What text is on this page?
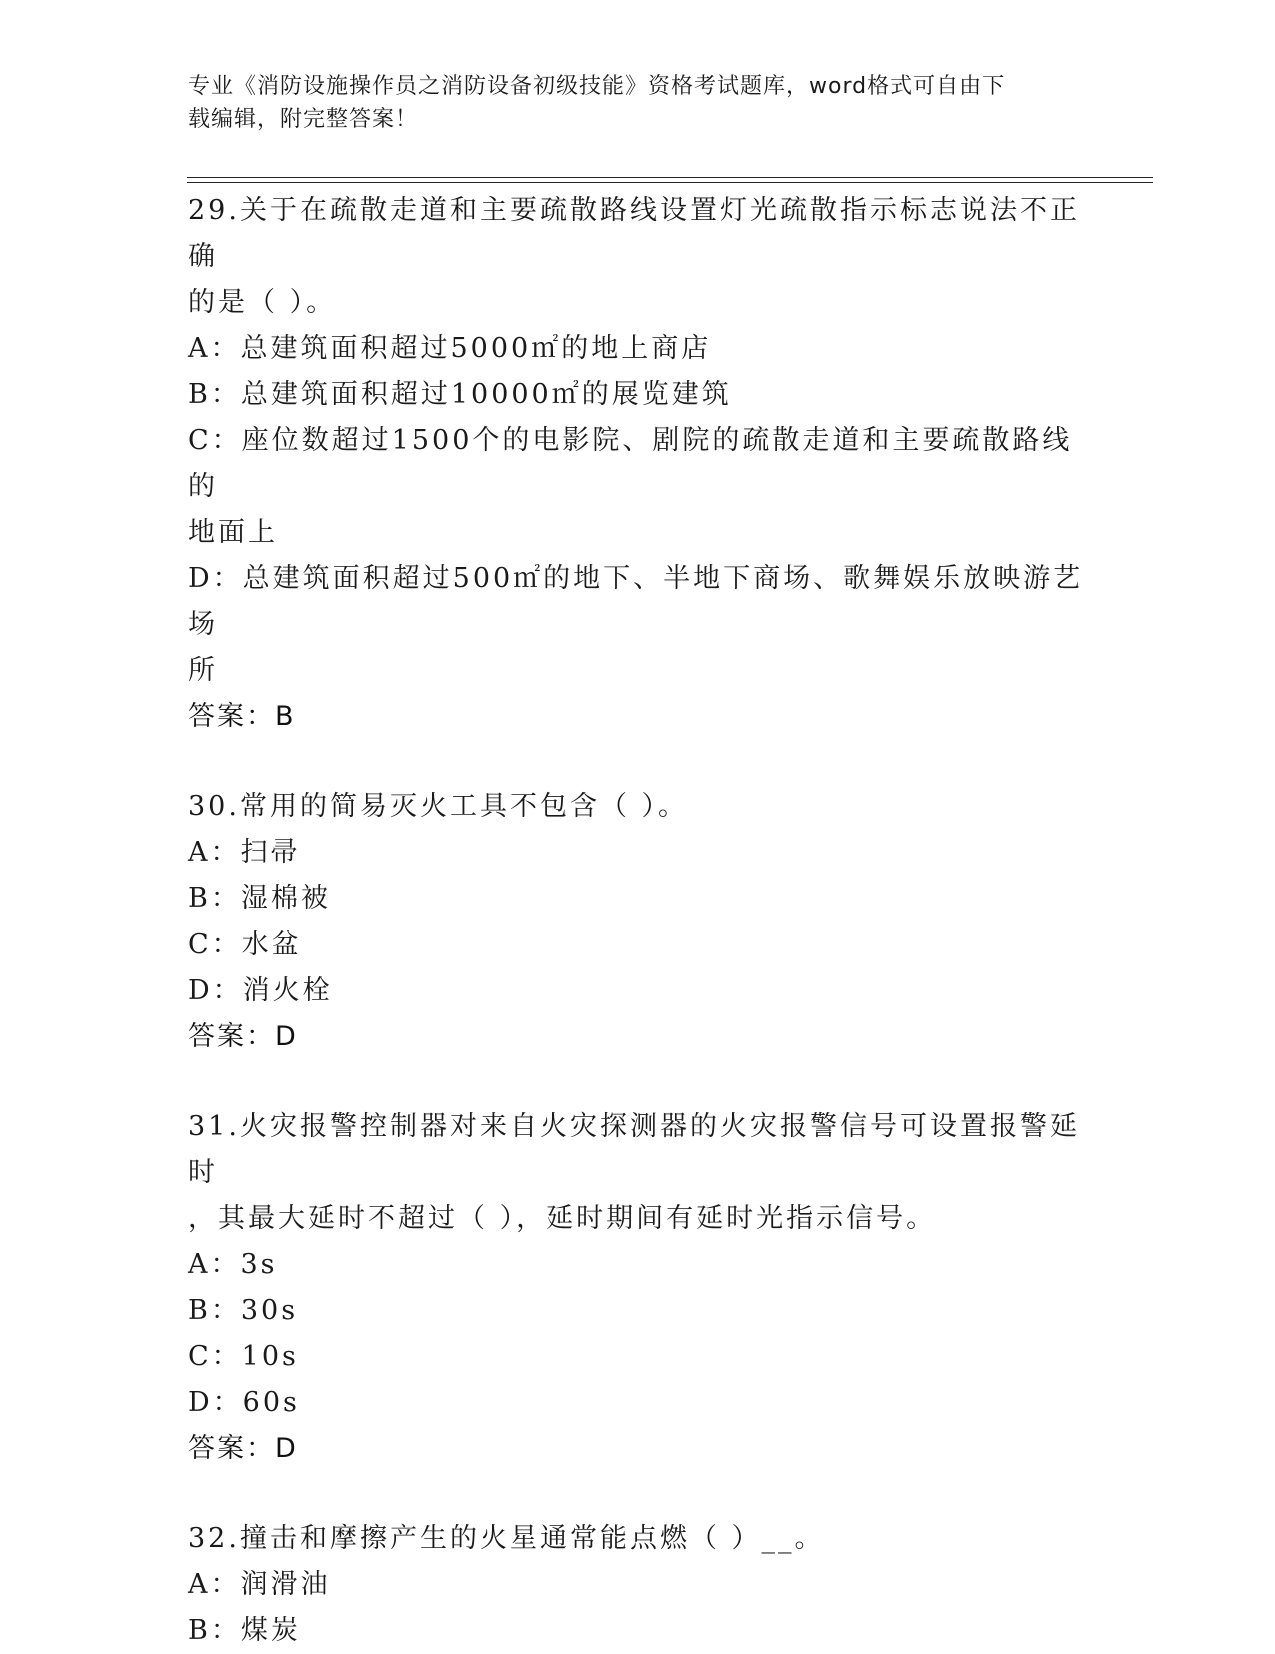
专业《消防设施操作员之消防设备初级技能》资格考试题库，word格式可自由下
载编辑，附完整答案！
29.关于在疏散走道和主要疏散路线设置灯光疏散指示标志说法不正确
的是（ ）。
A：总建筑面积超过5000㎡的地上商店
B：总建筑面积超过10000㎡的展览建筑
C：座位数超过1500个的电影院、剧院的疏散走道和主要疏散路线的
地面上
D：总建筑面积超过500㎡的地下、半地下商场、歌舞娱乐放映游艺场
所
答案：B
30.常用的简易灭火工具不包含（ ）。
A：扫帚
B：湿棉被
C：水盆
D：消火栓
答案：D
31.火灾报警控制器对来自火灾探测器的火灾报警信号可设置报警延时
，其最大延时不超过（ ），延时期间有延时光指示信号。
A：3s
B：30s
C：10s
D：60s
答案：D
32.撞击和摩擦产生的火星通常能点燃（ ）__。
A：润滑油
B：煤炭
